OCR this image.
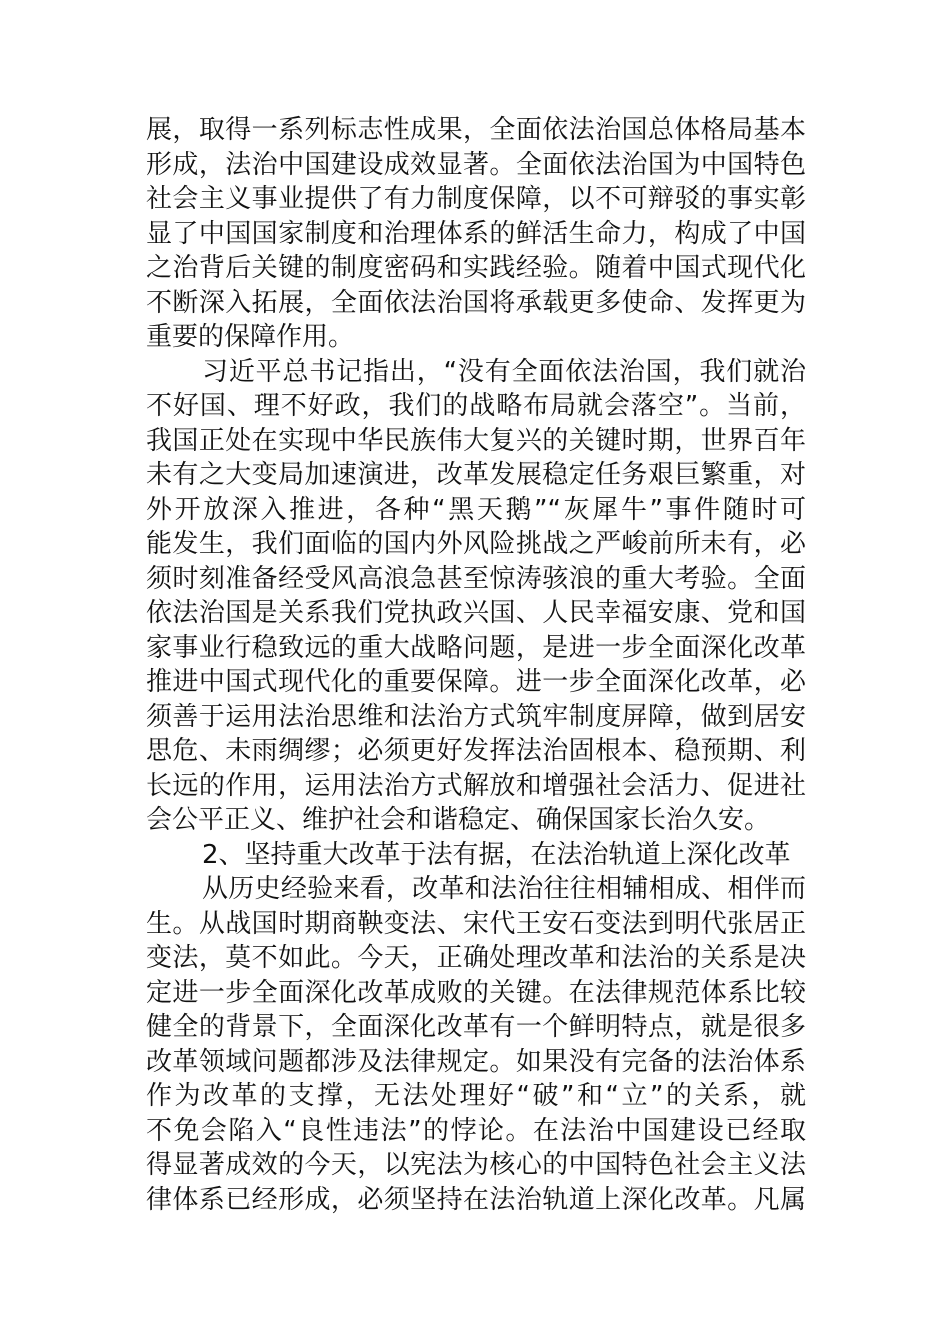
展，取得一系列标志性成果，全面依法治国总体格局基本
形成，法治中国建设成效显著。全面依法治国为中国特色
社会主义事业提供了有力制度保障，以不可辩驳的事实彰
显了中国国家制度和治理体系的鲜活生命力，构成了中国
之治背后关键的制度密码和实践经验。随着中国式现代化
不断深入拓展，全面依法治国将承载更多使命、发挥更为
重要的保障作用。
习近平总书记指出，“没有全面依法治国，我们就治
不好国、理不好政，我们的战略布局就会落空”。当前，
我国正处在实现中华民族伟大复兴的关键时期，世界百年
未有之大变局加速演进，改革发展稳定任务艰巨繁重，对
外开放深入推进，各种“黑天鹅”“灰犀牛”事件随时可
能发生，我们面临的国内外风险挑战之严峻前所未有，必
须时刻准备经受风高浪急甚至惊涛骇浪的重大考验。全面
依法治国是关系我们党执政兴国、人民幸福安康、党和国
家事业行稳致远的重大战略问题，是进一步全面深化改革
推进中国式现代化的重要保障。进一步全面深化改革，必
须善于运用法治思维和法治方式筑牢制度屏障，做到居安
思危、未雨绸缪；必须更好发挥法治固根本、稳预期、利
长远的作用，运用法治方式解放和增强社会活力、促进社
会公平正义、维护社会和谐稳定、确保国家长治久安。
2、坚持重大改革于法有据，在法治轨道上深化改革
从历史经验来看，改革和法治往往相辅相成、相伴而
生。从战国时期商鞅变法、宋代王安石变法到明代张居正
变法，莫不如此。今天，正确处理改革和法治的关系是决
定进一步全面深化改革成败的关键。在法律规范体系比较
健全的背景下，全面深化改革有一个鲜明特点，就是很多
改革领域问题都涉及法律规定。如果没有完备的法治体系
作为改革的支撑，无法处理好“破”和“立”的关系，就
不免会陷入“良性违法”的悖论。在法治中国建设已经取
得显著成效的今天，以宪法为核心的中国特色社会主义法
律体系已经形成，必须坚持在法治轨道上深化改革。凡属
